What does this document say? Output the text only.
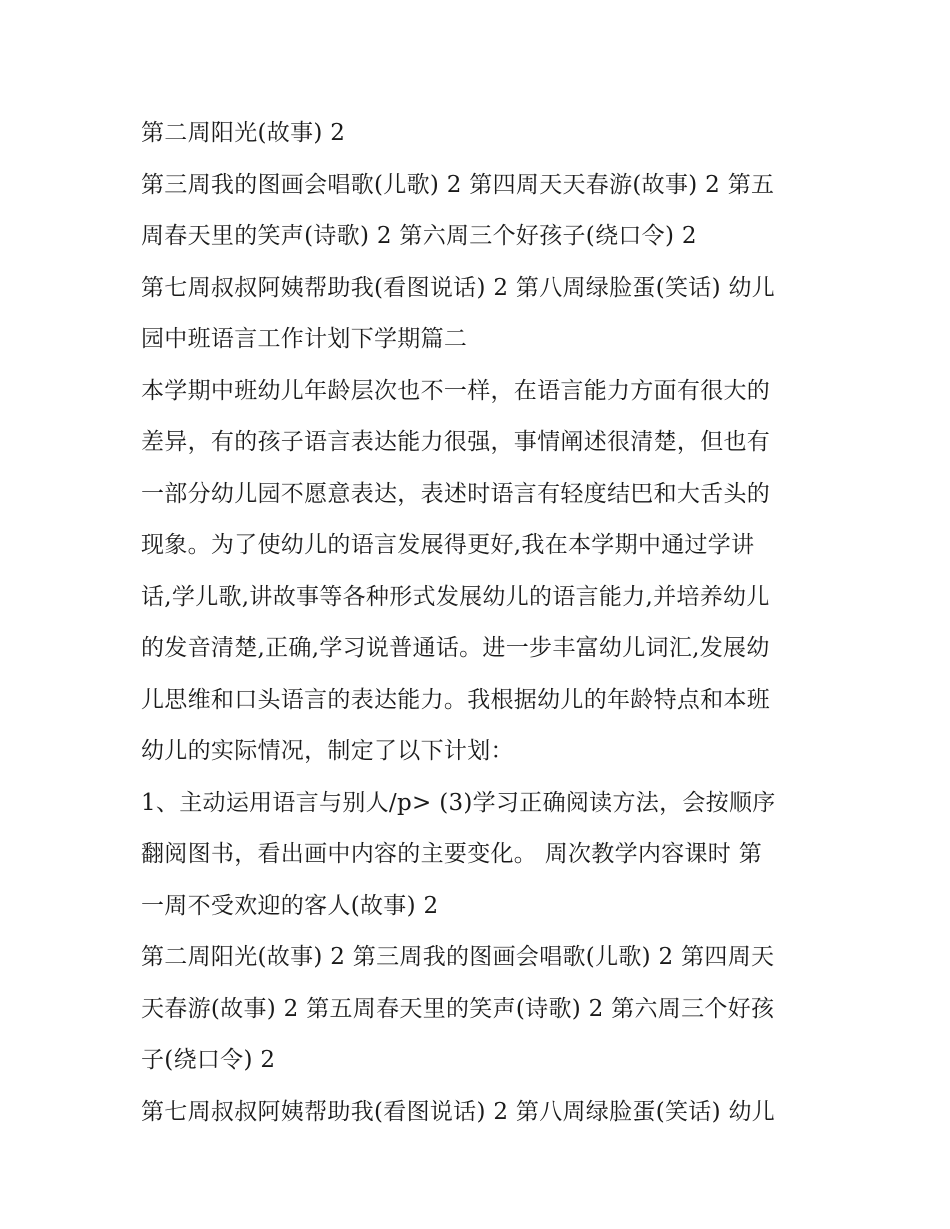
第二周阳光(故事) 2
第三周我的图画会唱歌(儿歌) 2 第四周天天春游(故事) 2 第五
周春天里的笑声(诗歌) 2 第六周三个好孩子(绕口令) 2
第七周叔叔阿姨帮助我(看图说话) 2 第八周绿脸蛋(笑话) 幼儿
园中班语言工作计划下学期篇二
本学期中班幼儿年龄层次也不一样，在语言能力方面有很大的
差异，有的孩子语言表达能力很强，事情阐述很清楚，但也有
一部分幼儿园不愿意表达，表述时语言有轻度结巴和大舌头的
现象。为了使幼儿的语言发展得更好,我在本学期中通过学讲
话,学儿歌,讲故事等各种形式发展幼儿的语言能力,并培养幼儿
的发音清楚,正确,学习说普通话。进一步丰富幼儿词汇,发展幼
儿思维和口头语言的表达能力。我根据幼儿的年龄特点和本班
幼儿的实际情况，制定了以下计划：
1、主动运用语言与别人/p> (3)学习正确阅读方法，会按顺序
翻阅图书，看出画中内容的主要变化。 周次教学内容课时 第
一周不受欢迎的客人(故事) 2
第二周阳光(故事) 2 第三周我的图画会唱歌(儿歌) 2 第四周天
天春游(故事) 2 第五周春天里的笑声(诗歌) 2 第六周三个好孩
子(绕口令) 2
第七周叔叔阿姨帮助我(看图说话) 2 第八周绿脸蛋(笑话) 幼儿
